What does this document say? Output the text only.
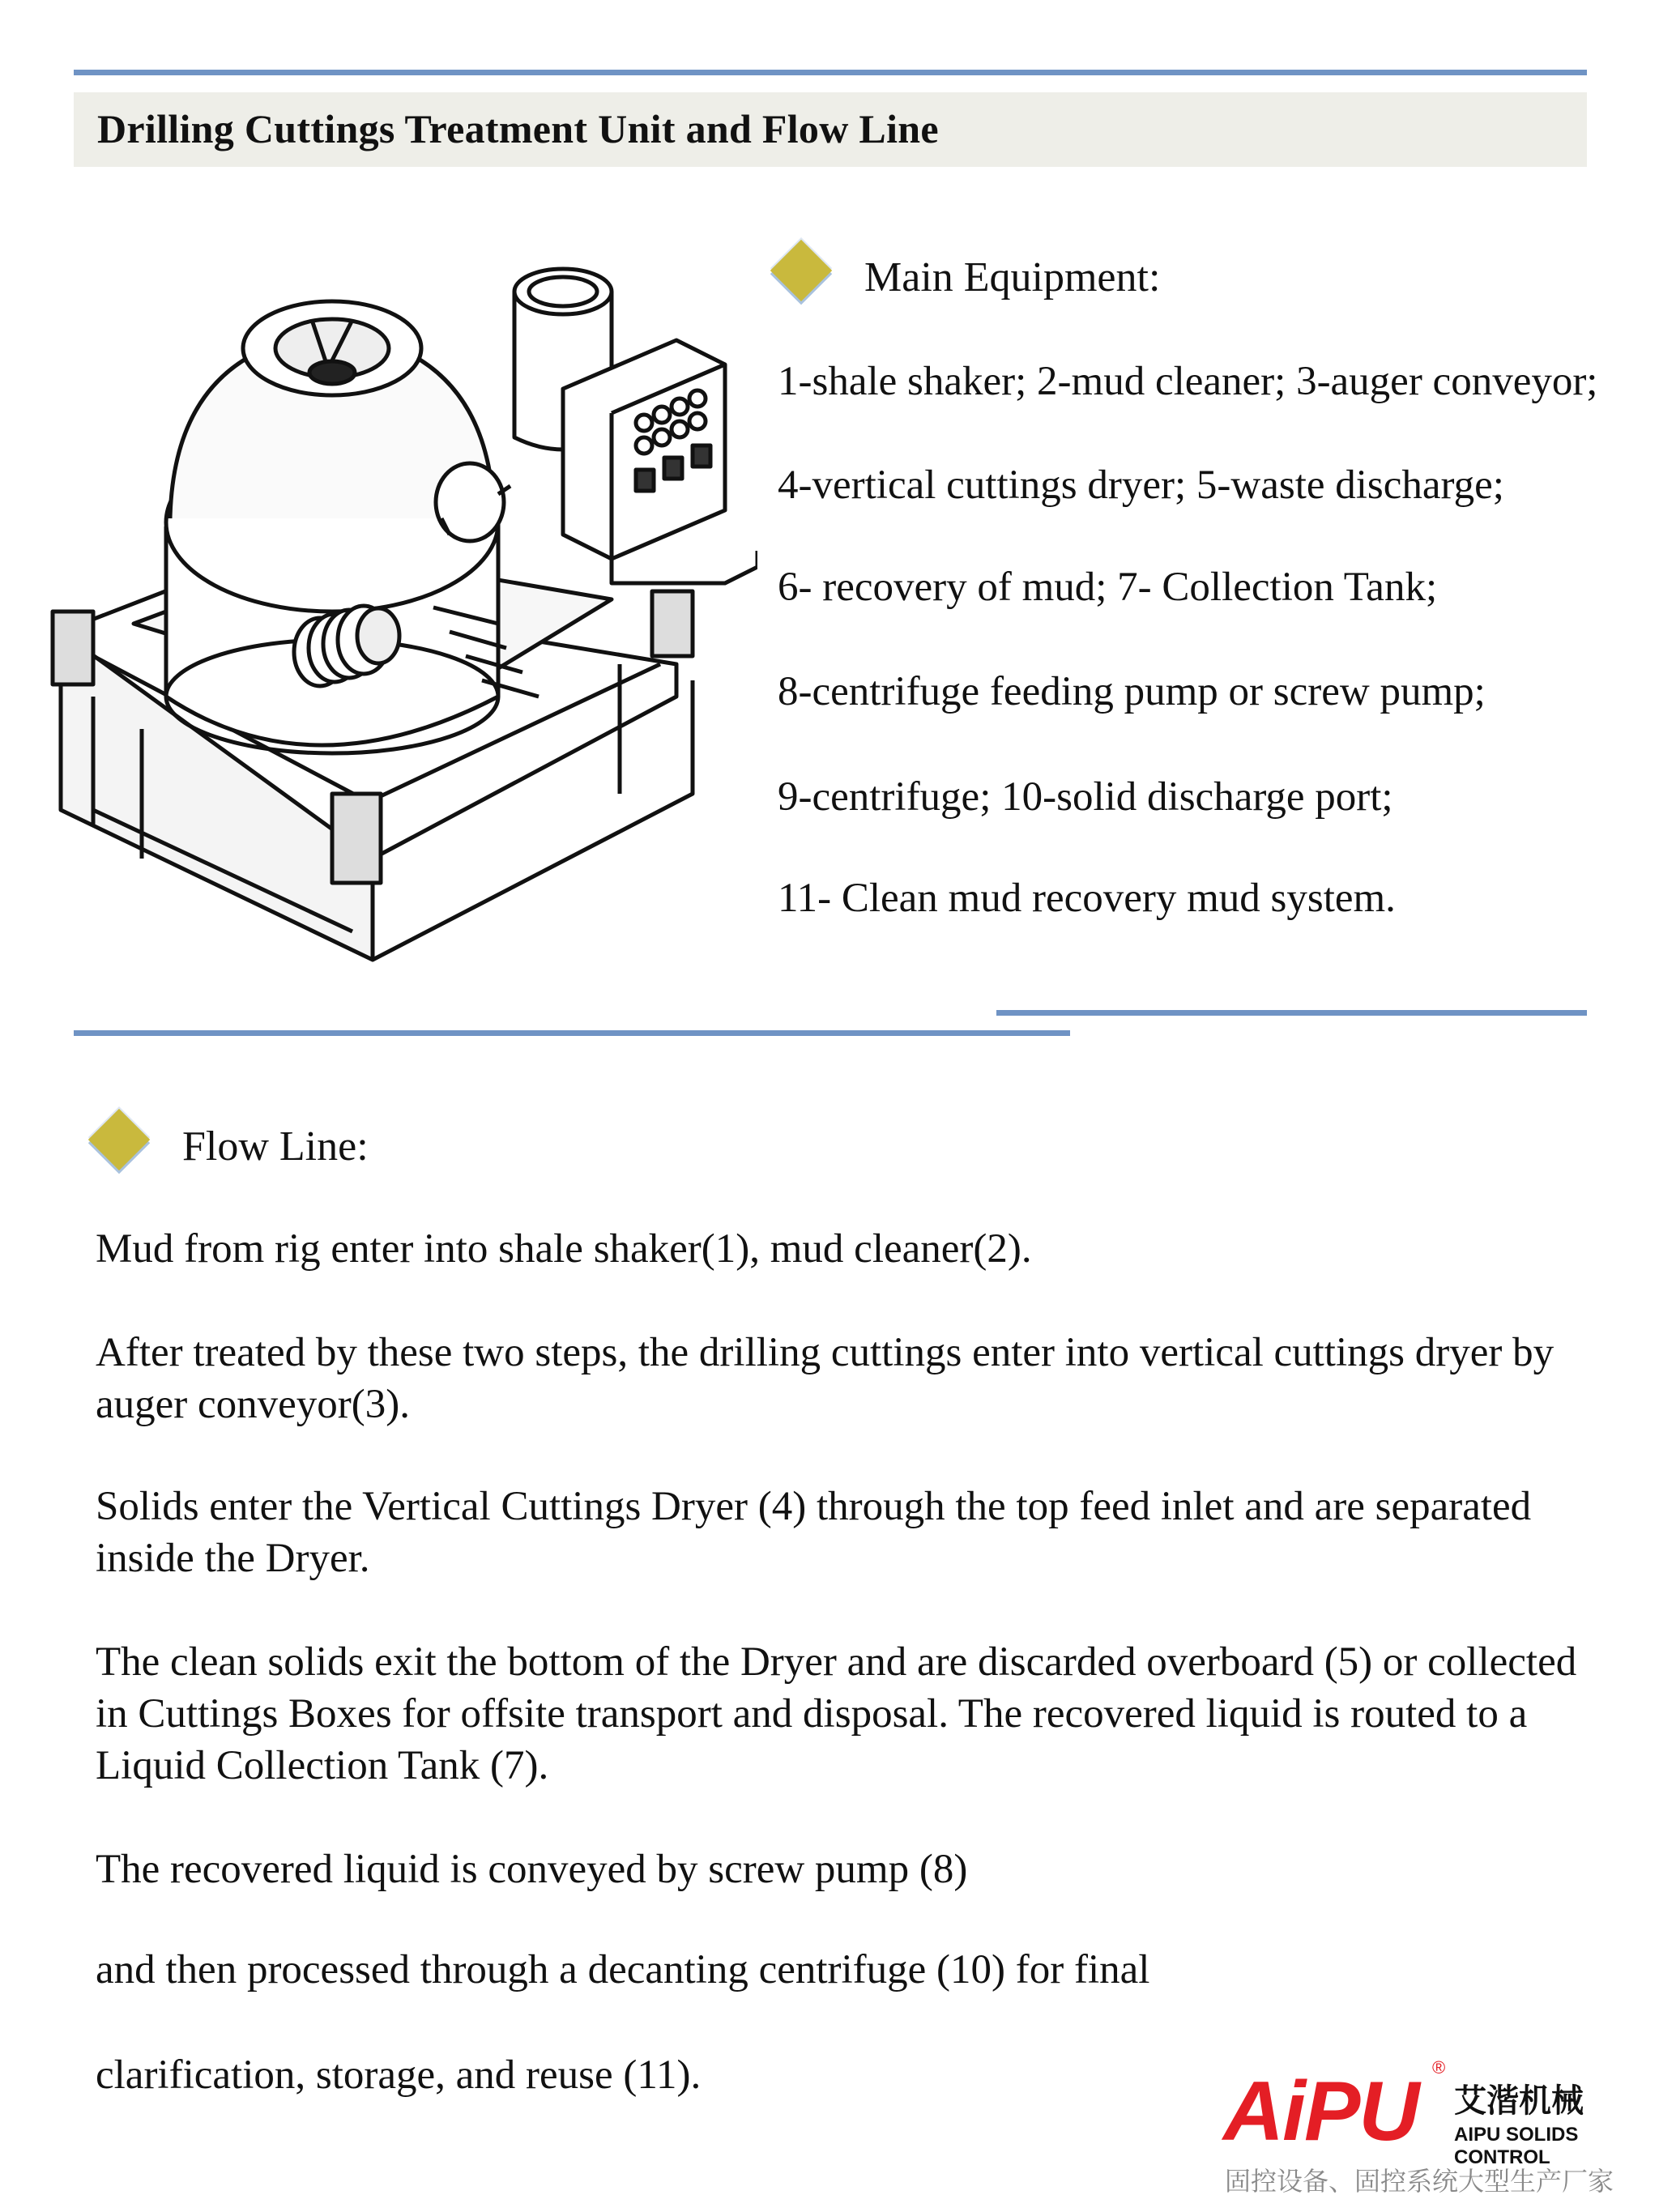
Drilling Cuttings Treatment Unit and Flow Line
Main Equipment:
1-shale shaker; 2-mud cleaner; 3-auger conveyor;
4-vertical cuttings dryer; 5-waste discharge;
6- recovery of mud; 7- Collection Tank;
8-centrifuge feeding pump or screw pump;
9-centrifuge; 10-solid discharge port;
11- Clean mud recovery mud system.
Flow Line:
Mud from rig enter into shale shaker(1), mud cleaner(2).
After treated by these two steps, the drilling cuttings enter into vertical cuttings dryer by auger conveyor(3).
Solids enter the Vertical Cuttings Dryer (4) through the top feed inlet and are separated inside the Dryer.
The clean solids exit the bottom of the Dryer and are discarded overboard (5) or collected in Cuttings Boxes for offsite transport and disposal. The recovered liquid is routed to a Liquid Collection Tank (7).
The recovered liquid is conveyed by screw pump (8)
and then processed through a decanting centrifuge (10) for final
clarification, storage, and reuse (11).	AiPU ®
艾湝机械
AIPU SOLIDS CONTROL
固控设备、固控系统大型生产厂家
